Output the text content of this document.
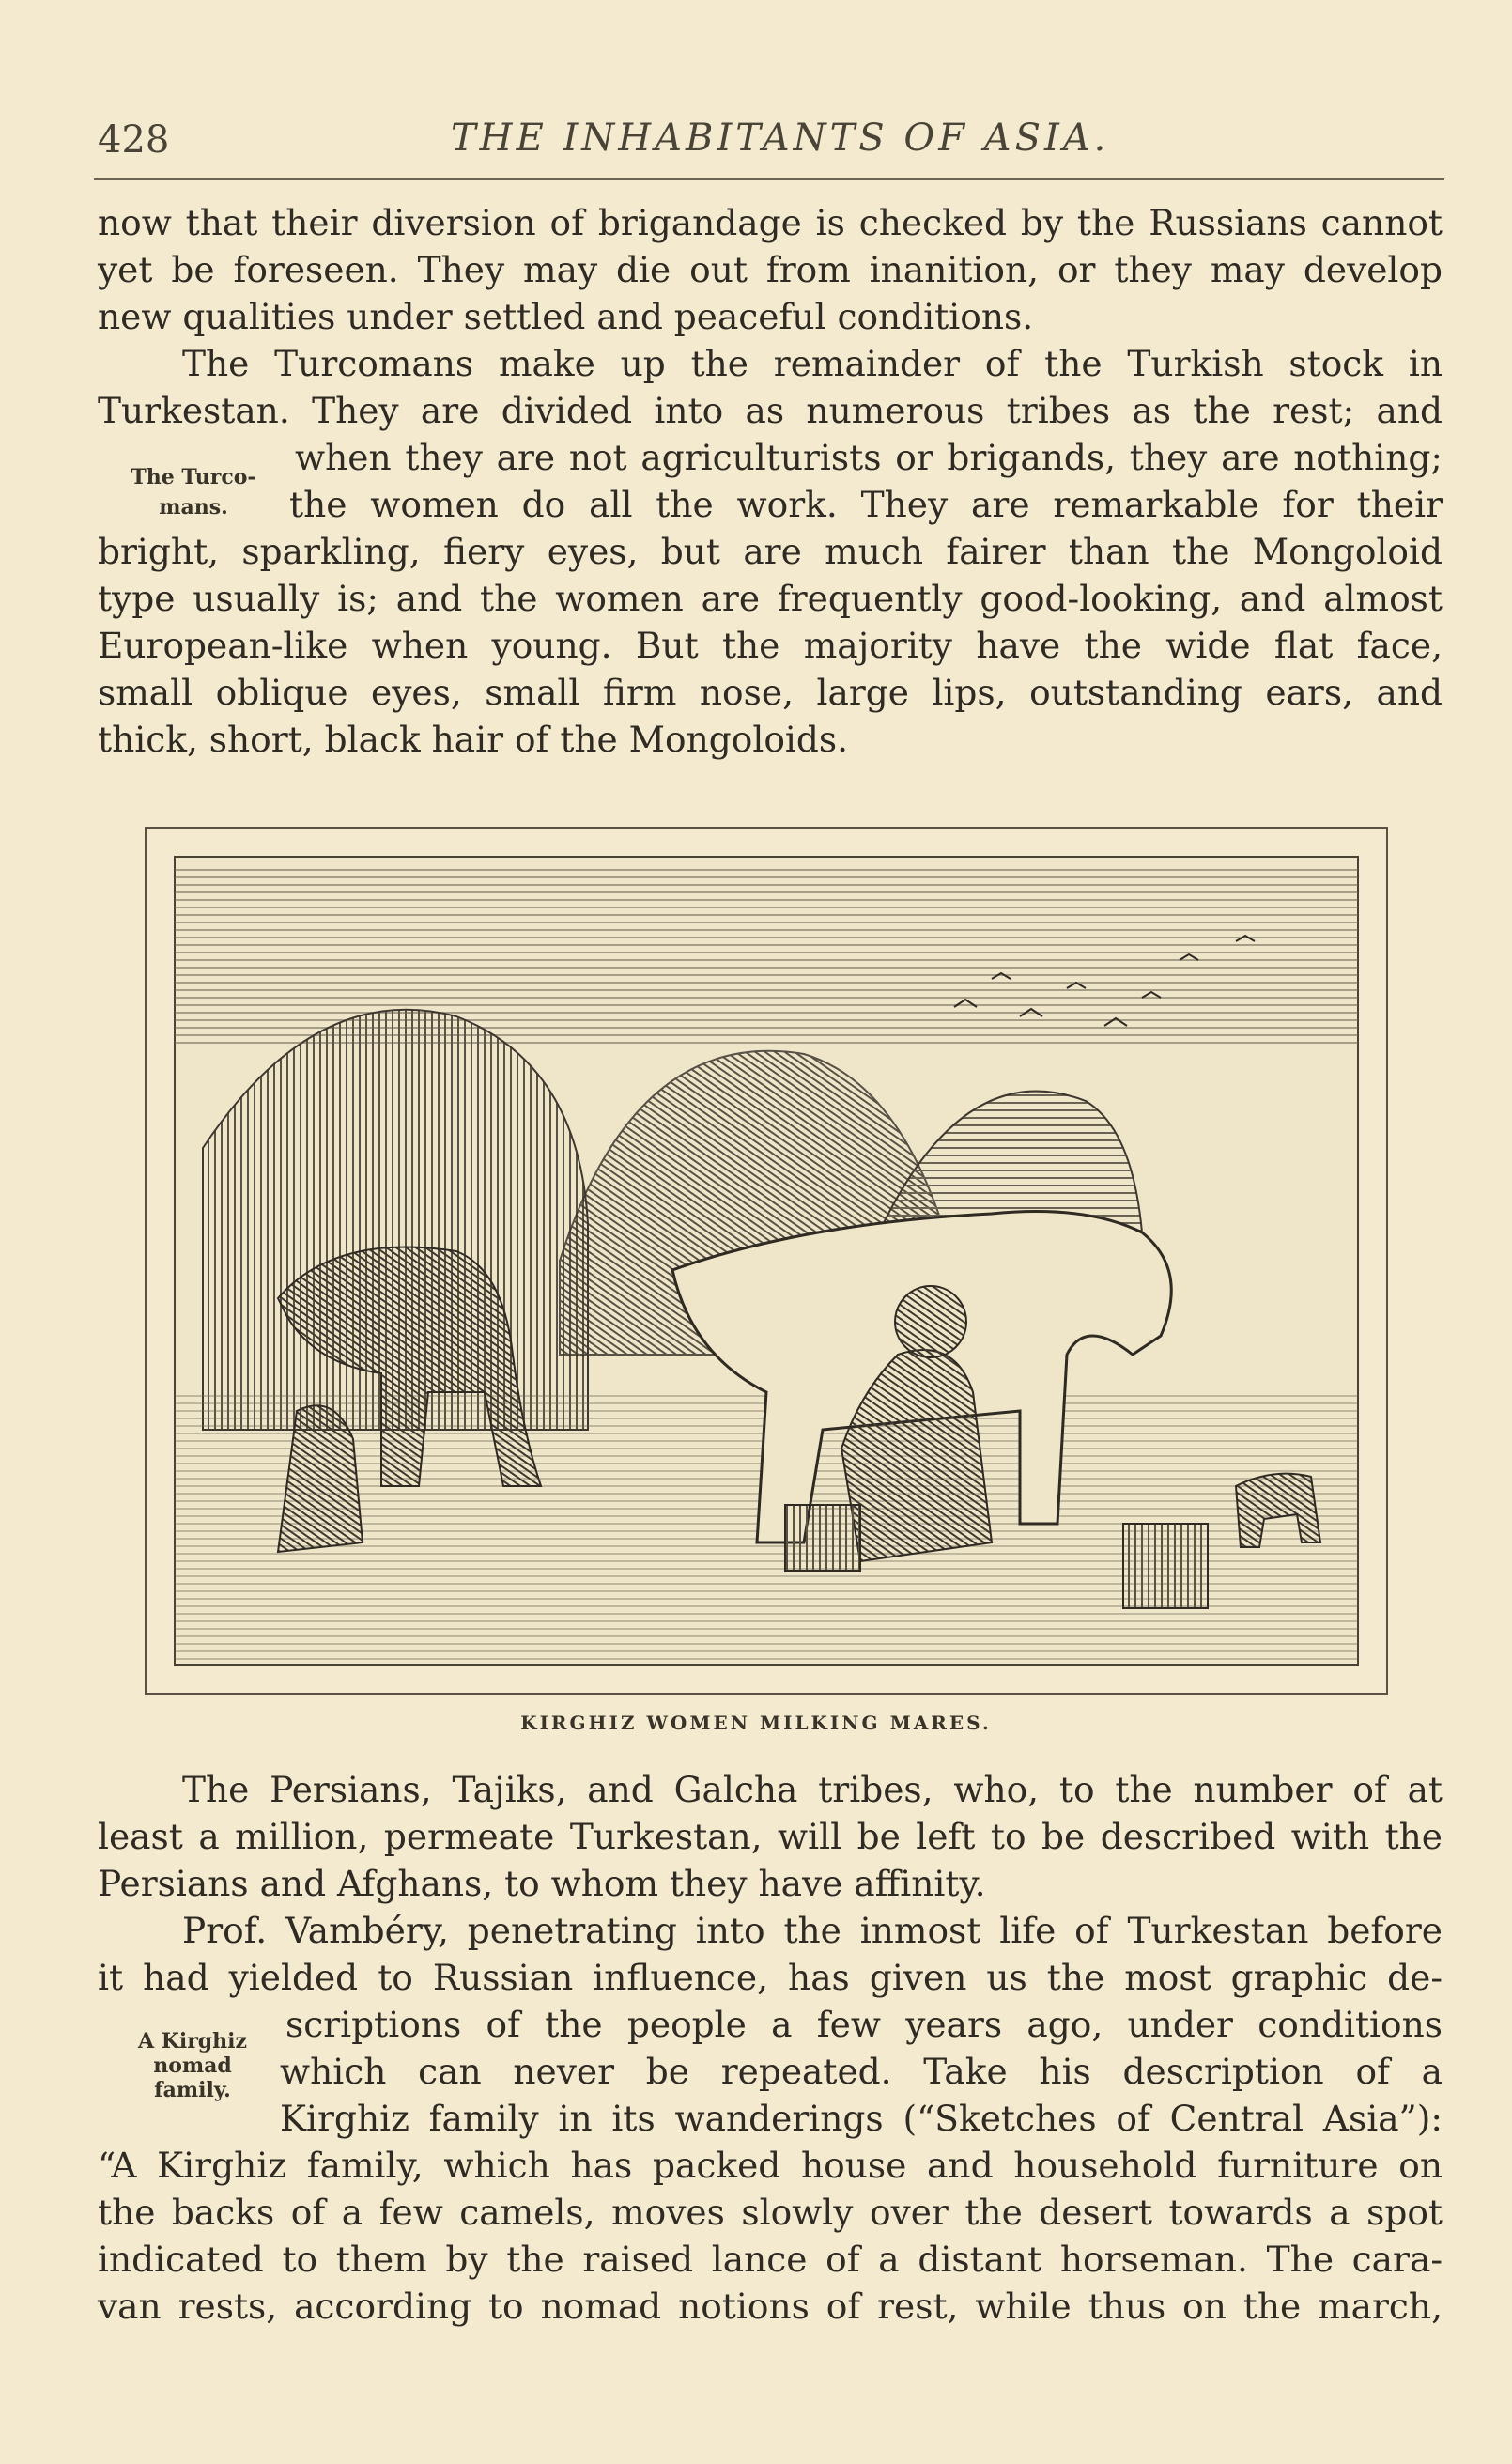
428	THE INHABITANTS OF ASIA.
now that their diversion of brigandage is checked by the Russians cannot
yet be foreseen. They may die out from inanition, or they may develop
new qualities under settled and peaceful conditions.
The Turcomans make up the remainder of the Turkish stock in
Turkestan. They are divided into as numerous tribes as the rest; and
when they are not agriculturists or brigands, they are nothing;
the women do all the work. They are remarkable for their
bright, sparkling, fiery eyes, but are much fairer than the Mongoloid
type usually is; and the women are frequently good-looking, and almost
European-like when young. But the majority have the wide flat face,
small oblique eyes, small firm nose, large lips, outstanding ears, and
thick, short, black hair of the Mongoloids.
The Turco-
mans.
KIRGHIZ WOMEN MILKING MARES.
The Persians, Tajiks, and Galcha tribes, who, to the number of at
least a million, permeate Turkestan, will be left to be described with the
Persians and Afghans, to whom they have affinity.
Prof. Vambéry, penetrating into the inmost life of Turkestan before
it had yielded to Russian influence, has given us the most graphic de-
scriptions of the people a few years ago, under conditions
which can never be repeated. Take his description of a
Kirghiz family in its wanderings (“Sketches of Central Asia”):
“A Kirghiz family, which has packed house and household furniture on
the backs of a few camels, moves slowly over the desert towards a spot
indicated to them by the raised lance of a distant horseman. The cara-
van rests, according to nomad notions of rest, while thus on the march,
A Kirghiz
nomad
family.
